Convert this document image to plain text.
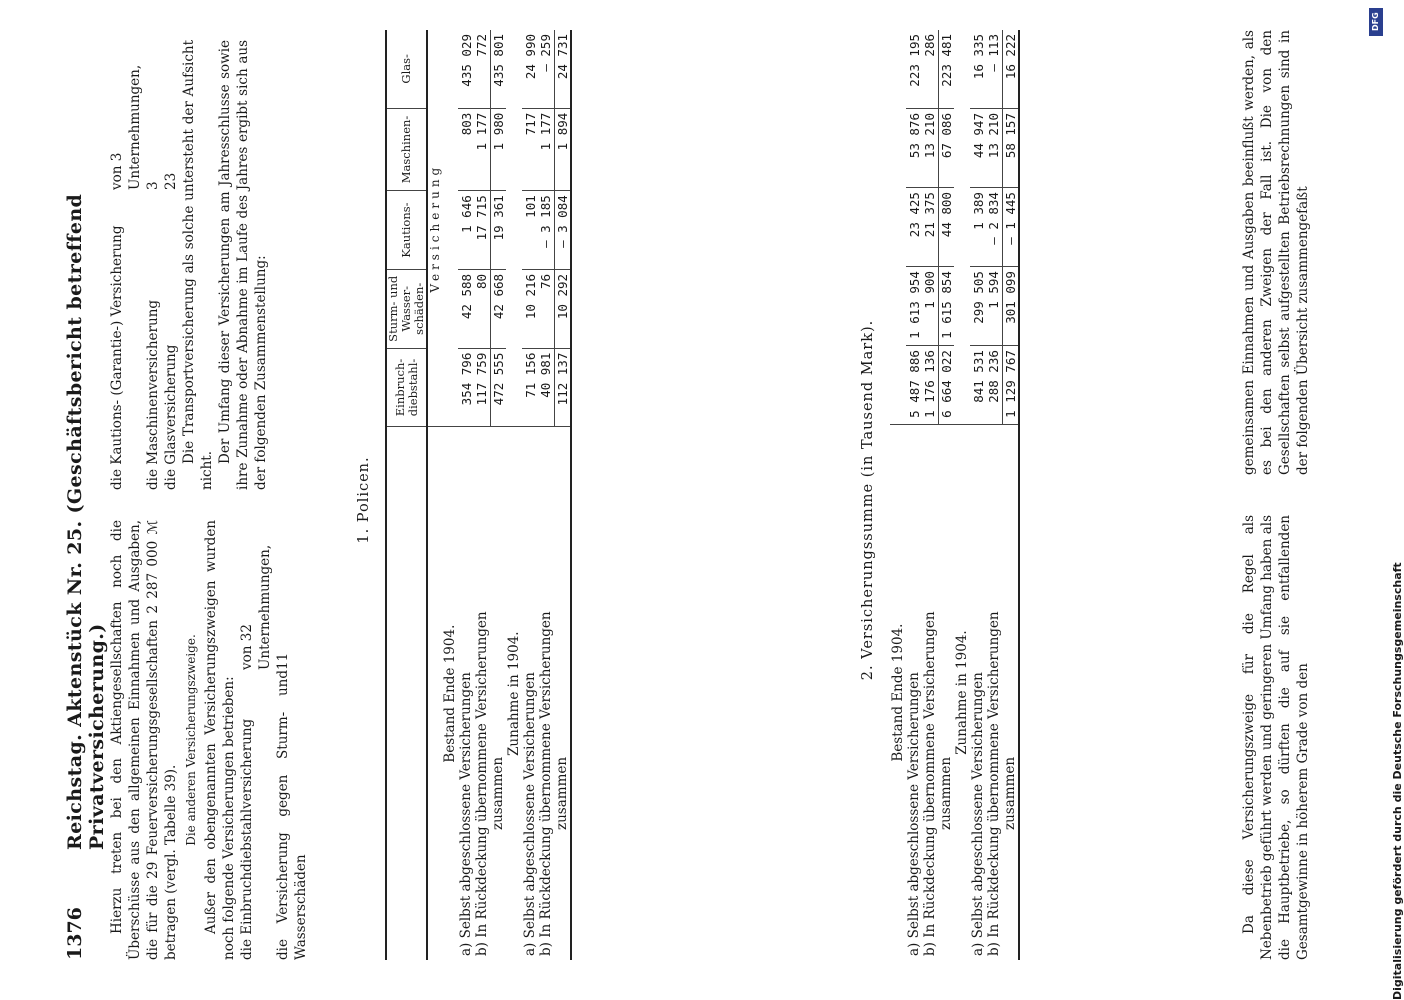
1376
Reichstag. Aktenstück Nr. 25. (Geschäftsbericht betreffend Privatversicherung.) Hierzu treten bei den Aktiengesellschaften noch die Überschüsse aus den allgemeinen Einnahmen und Ausgaben, die für die 29 Feuerversicherungsgesellschaften 2 287 000 ℳ betragen (vergl. Tabelle 39).

Die anderen Versicherungszweige. Außer den obengenannten Versicherungszweigen wurden noch folgende Versicherungen betrieben: die Einbruchdiebstahlversicherung
von 32 Unternehmungen,
die Versicherung gegen Sturm- und Wasserschäden
11
die Kautions- (Garantie-) Versicherung
von 3 Unternehmungen,
die Maschinenversicherung
3
die Glasversicherung
23 Die Transportversicherung als solche untersteht der Aufsicht nicht.

Der Umfang dieser Versicherungen am Jahresschlusse sowie ihre Zunahme oder Abnahme im Laufe des Jahres ergibt sich aus der folgenden Zusammenstellung:

1. Policen.
	Einbruch-diebstahl-	Sturm- und Wasser-schäden-	Kautions-	Maschinen-	Glas-
	Versicherung				
Bestand Ende 1904.					
a) Selbst abgeschlossene Versicherungen	354 796	42 588	1 646	803	435 029
b) In Rückdeckung übernommene Versicherungen	117 759	80	17 715	1 177	772
zusammen	472 555	42 668	19 361	1 980	435 801
Zunahme in 1904.					
a) Selbst abgeschlossene Versicherungen	71 156	10 216	101	717	24 990
b) In Rückdeckung übernommene Versicherungen	40 981	76	— 3 185	1 177	— 259
zusammen	112 137	10 292	— 3 084	1 894	24 731
2. Versicherungssumme (in Tausend Mark).
Bestand Ende 1904.					
a) Selbst abgeschlossene Versicherungen	5 487 886	1 613 954	23 425	53 876	223 195
b) In Rückdeckung übernommene Versicherungen	1 176 136	1 900	21 375	13 210	286
zusammen	6 664 022	1 615 854	44 800	67 086	223 481
Zunahme in 1904.					
a) Selbst abgeschlossene Versicherungen	841 531	299 505	1 389	44 947	16 335
b) In Rückdeckung übernommene Versicherungen	288 236	1 594	— 2 834	13 210	— 113
zusammen	1 129 767	301 099	— 1 445	58 157	16 222

Da diese Versicherungszweige für die Regel als Nebenbetrieb geführt werden und geringeren Umfang haben als die Hauptbetriebe, so dürften die auf sie entfallenden Gesamtgewinne in höherem Grade von den

gemeinsamen Einnahmen und Ausgaben beeinflußt werden, als es bei den anderen Zweigen der Fall ist. Die von den Gesellschaften selbst aufgestellten Betriebsrechnungen sind in der folgenden Übersicht zusammengefaßt

Digitalisierung gefördert durch die Deutsche Forschungsgemeinschaft
DFG
